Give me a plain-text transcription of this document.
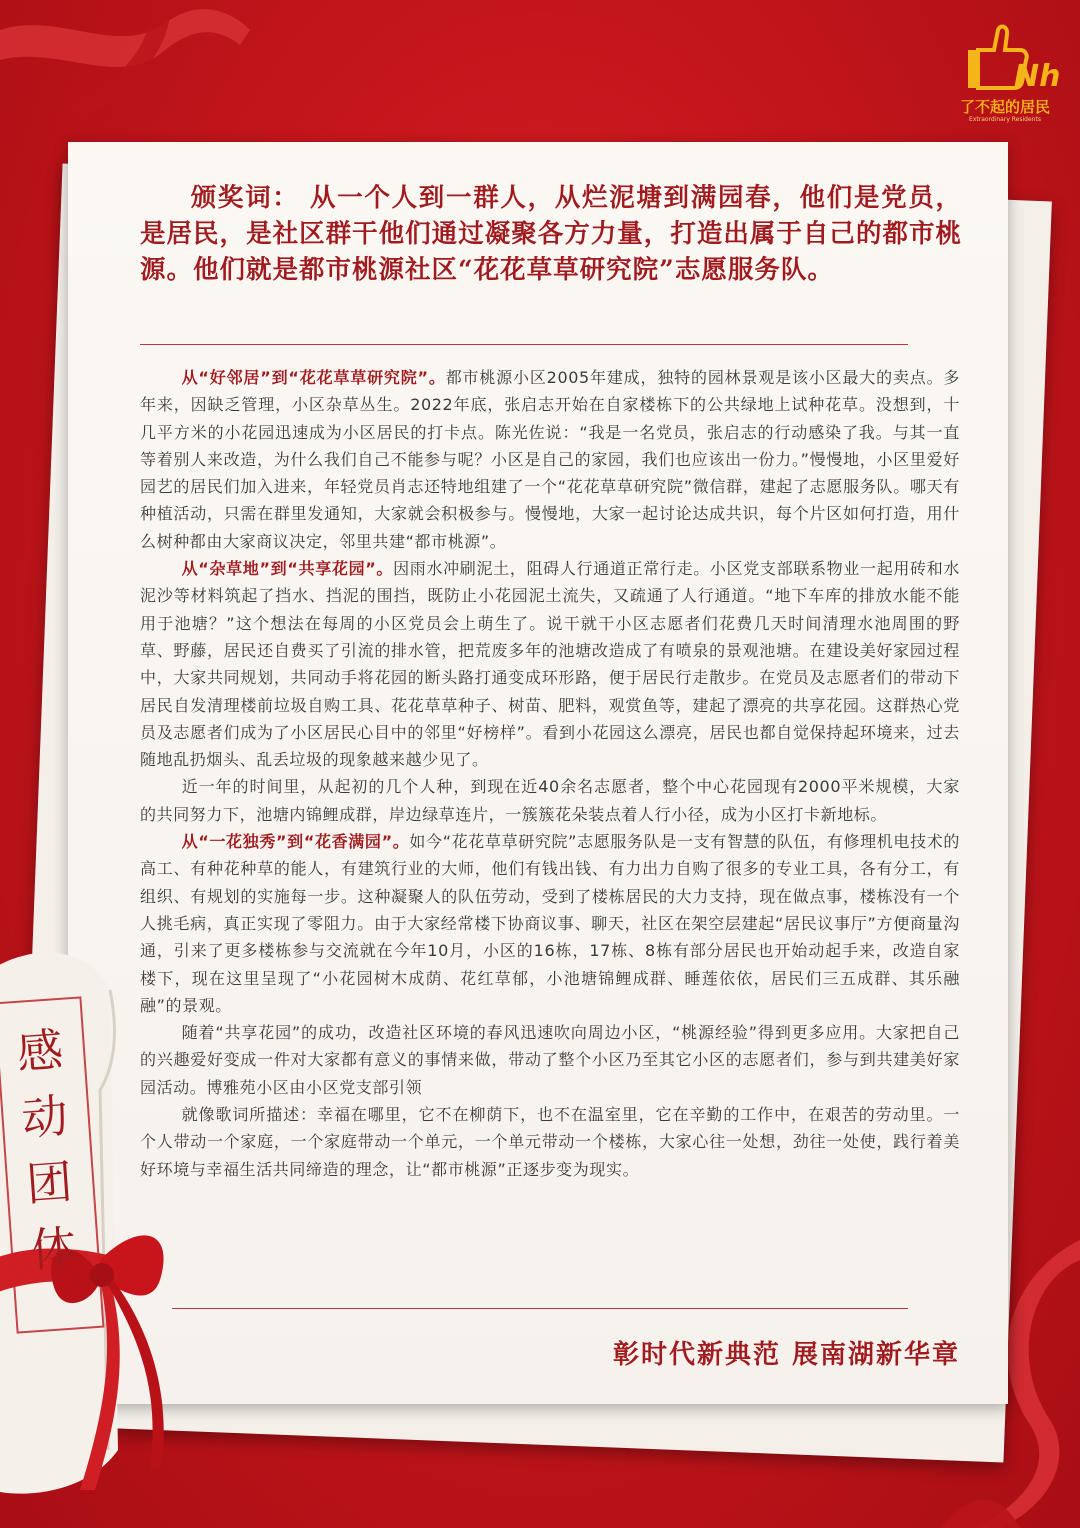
Nh
了不起的居民
Extraordinary Residents

颁奖词： 从一个人到一群人，从烂泥塘到满园春，他们是党员，是居民，是社区群干他们通过凝聚各方力量，打造出属于自己的都市桃源。他们就是都市桃源社区“花花草草研究院”志愿服务队。

从“好邻居”到“花花草草研究院”。都市桃源小区2005年建成，独特的园林景观是该小区最大的卖点。多年来，因缺乏管理，小区杂草丛生。2022年底，张启志开始在自家楼栋下的公共绿地上试种花草。没想到，十几平方米的小花园迅速成为小区居民的打卡点。陈光佐说：“我是一名党员，张启志的行动感染了我。与其一直等着别人来改造，为什么我们自己不能参与呢？小区是自己的家园，我们也应该出一份力。”慢慢地，小区里爱好园艺的居民们加入进来，年轻党员肖志还特地组建了一个“花花草草研究院”微信群，建起了志愿服务队。哪天有种植活动，只需在群里发通知，大家就会积极参与。慢慢地，大家一起讨论达成共识，每个片区如何打造，用什么树种都由大家商议决定，邻里共建“都市桃源”。

从“杂草地”到“共享花园”。因雨水冲刷泥土，阻碍人行通道正常行走。小区党支部联系物业一起用砖和水泥沙等材料筑起了挡水、挡泥的围挡，既防止小花园泥土流失，又疏通了人行通道。“地下车库的排放水能不能用于池塘？”这个想法在每周的小区党员会上萌生了。说干就干小区志愿者们花费几天时间清理水池周围的野草、野藤，居民还自费买了引流的排水管，把荒废多年的池塘改造成了有喷泉的景观池塘。在建设美好家园过程中，大家共同规划，共同动手将花园的断头路打通变成环形路，便于居民行走散步。在党员及志愿者们的带动下居民自发清理楼前垃圾自购工具、花花草草种子、树苗、肥料，观赏鱼等，建起了漂亮的共享花园。这群热心党员及志愿者们成为了小区居民心目中的邻里“好榜样”。看到小花园这么漂亮，居民也都自觉保持起环境来，过去随地乱扔烟头、乱丢垃圾的现象越来越少见了。

近一年的时间里，从起初的几个人种，到现在近40余名志愿者，整个中心花园现有2000平米规模，大家的共同努力下，池塘内锦鲤成群，岸边绿草连片，一簇簇花朵装点着人行小径，成为小区打卡新地标。

从“一花独秀”到“花香满园”。如今“花花草草研究院”志愿服务队是一支有智慧的队伍，有修理机电技术的高工、有种花种草的能人，有建筑行业的大师，他们有钱出钱、有力出力自购了很多的专业工具，各有分工，有组织、有规划的实施每一步。这种凝聚人的队伍劳动，受到了楼栋居民的大力支持，现在做点事，楼栋没有一个人挑毛病，真正实现了零阻力。由于大家经常楼下协商议事、聊天，社区在架空层建起“居民议事厅”方便商量沟通，引来了更多楼栋参与交流就在今年10月，小区的16栋，17栋、8栋有部分居民也开始动起手来，改造自家楼下，现在这里呈现了“小花园树木成荫、花红草郁，小池塘锦鲤成群、睡莲依依，居民们三五成群、其乐融融”的景观。

随着“共享花园”的成功，改造社区环境的春风迅速吹向周边小区，“桃源经验”得到更多应用。大家把自己的兴趣爱好变成一件对大家都有意义的事情来做，带动了整个小区乃至其它小区的志愿者们，参与到共建美好家园活动。博雅苑小区由小区党支部引领

就像歌词所描述：幸福在哪里，它不在柳荫下，也不在温室里，它在辛勤的工作中，在艰苦的劳动里。一个人带动一个家庭，一个家庭带动一个单元，一个单元带动一个楼栋，大家心往一处想，劲往一处使，践行着美好环境与幸福生活共同缔造的理念，让“都市桃源”正逐步变为现实。

彰时代新典范 展南湖新华章
感
动
团
体
